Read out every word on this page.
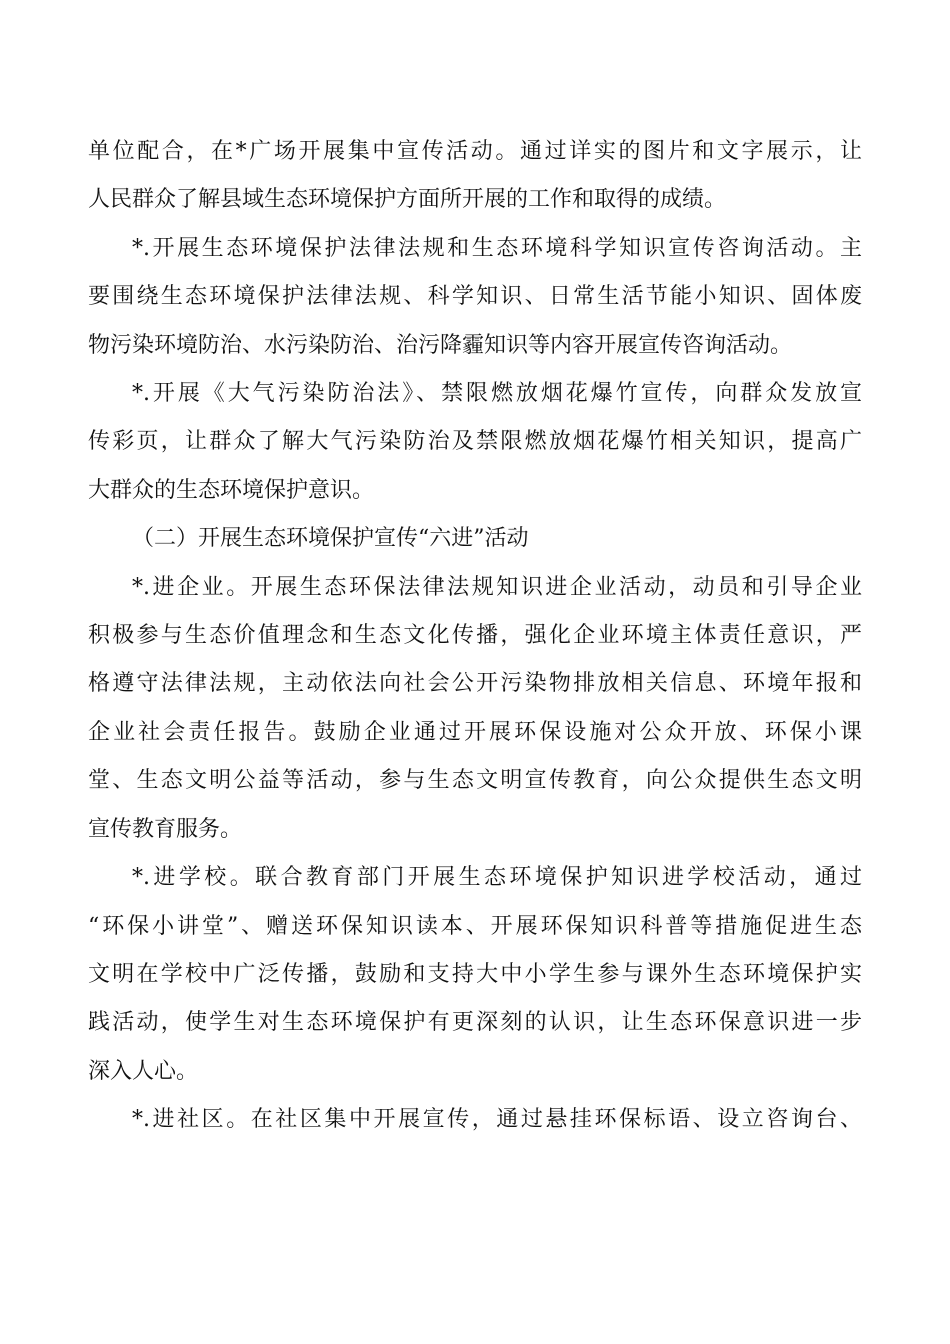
单位配合，在*广场开展集中宣传活动。通过详实的图片和文字展示，让
人民群众了解县域生态环境保护方面所开展的工作和取得的成绩。
*.开展生态环境保护法律法规和生态环境科学知识宣传咨询活动。主
要围绕生态环境保护法律法规、科学知识、日常生活节能小知识、固体废
物污染环境防治、水污染防治、治污降霾知识等内容开展宣传咨询活动。
*.开展《大气污染防治法》、禁限燃放烟花爆竹宣传，向群众发放宣
传彩页，让群众了解大气污染防治及禁限燃放烟花爆竹相关知识，提高广
大群众的生态环境保护意识。
（二）开展生态环境保护宣传“六进”活动
*.进企业。开展生态环保法律法规知识进企业活动，动员和引导企业
积极参与生态价值理念和生态文化传播，强化企业环境主体责任意识，严
格遵守法律法规，主动依法向社会公开污染物排放相关信息、环境年报和
企业社会责任报告。鼓励企业通过开展环保设施对公众开放、环保小课
堂、生态文明公益等活动，参与生态文明宣传教育，向公众提供生态文明
宣传教育服务。
*.进学校。联合教育部门开展生态环境保护知识进学校活动，通过
“环保小讲堂”、赠送环保知识读本、开展环保知识科普等措施促进生态
文明在学校中广泛传播，鼓励和支持大中小学生参与课外生态环境保护实
践活动，使学生对生态环境保护有更深刻的认识，让生态环保意识进一步
深入人心。
*.进社区。在社区集中开展宣传，通过悬挂环保标语、设立咨询台、
